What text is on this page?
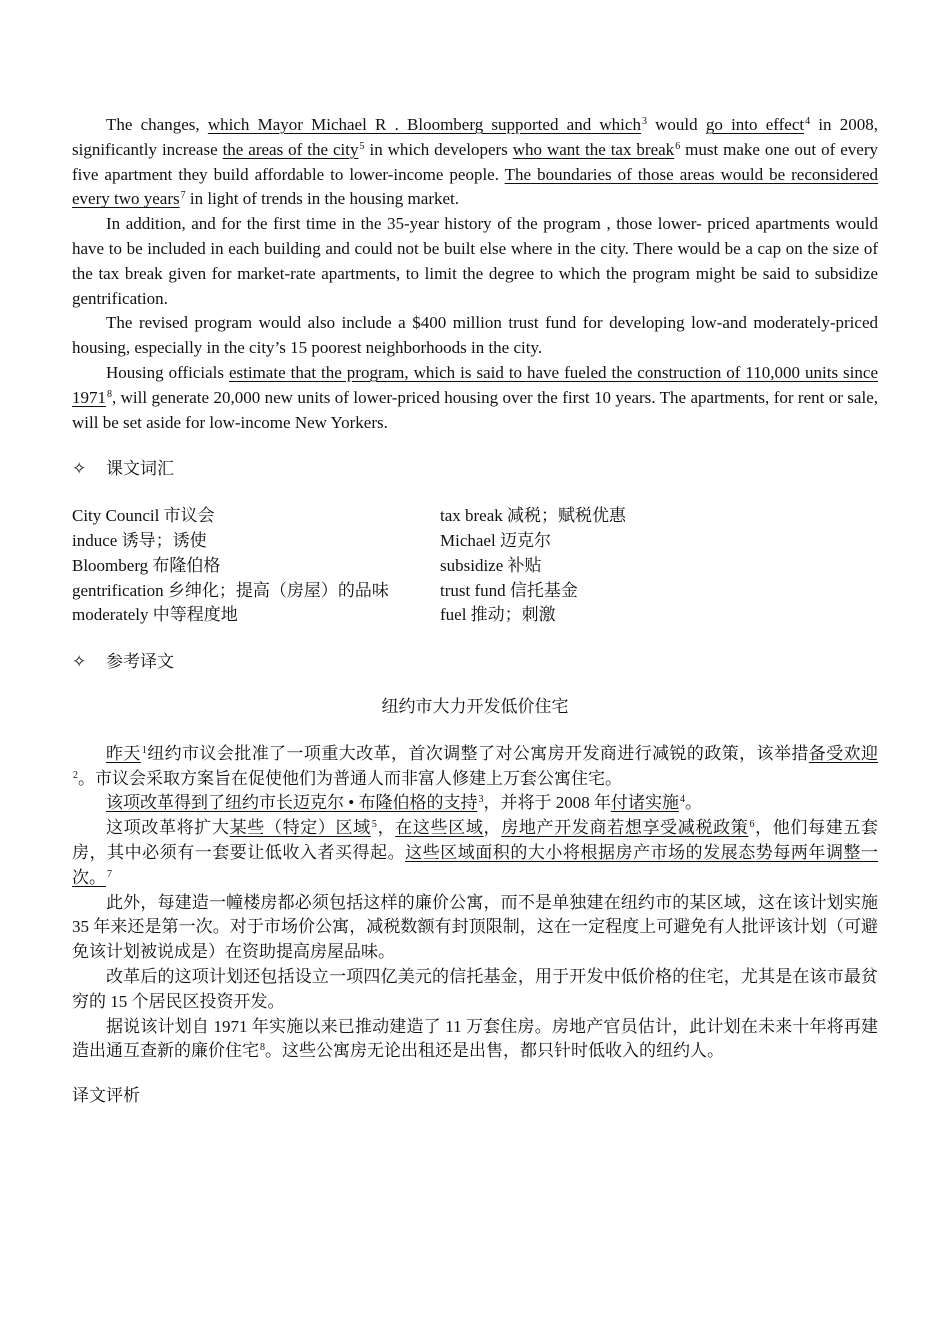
The changes, which Mayor Michael R . Bloomberg supported and which$^3$ would go into effect$^4$ in 2008, significantly increase the areas of the city$^5$ in which developers who want the tax break$^6$ must make one out of every five apartment they build affordable to lower-income people. The boundaries of those areas would be reconsidered every two years$^7$ in light of trends in the housing market.

In addition, and for the first time in the 35-year history of the program , those lower- priced apartments would have to be included in each building and could not be built else where in the city. There would be a cap on the size of the tax break given for market-rate apartments, to limit the degree to which the program might be said to subsidize gentrification.

The revised program would also include a $400 million trust fund for developing low-and moderately-priced housing, especially in the city’s 15 poorest neighborhoods in the city.

Housing officials estimate that the program, which is said to have fueled the construction of 110,000 units since 1971$^8$, will generate 20,000 new units of lower-priced housing over the first 10 years. The apartments, for rent or sale, will be set aside for low-income New Yorkers.

✧ 课文词汇
City Council 市议会	tax break 减税；赋税优惠
induce 诱导；诱使	Michael 迈克尔
Bloomberg 布隆伯格	subsidize 补贴
gentrification 乡绅化；提高（房屋）的品味	trust fund 信托基金
moderately 中等程度地	fuel 推动；刺激
✧ 参考译文
纽约市大力开发低价住宅

昨天$^1$纽约市议会批准了一项重大改革，首次调整了对公寓房开发商进行减锐的政策，该举措备受欢迎$^2$。市议会采取方案旨在促使他们为普通人而非富人修建上万套公寓住宅。

该项改革得到了纽约市长迈克尔 • 布隆伯格的支持$^3$，并将于 2008 年付诸实施$^4$。

这项改革将扩大某些（特定）区域$^5$，在这些区域，房地产开发商若想享受减税政策$^6$，他们每建五套房，其中必须有一套要让低收入者买得起。这些区域面积的大小将根据房产市场的发展态势每两年调整一次。$^7$

此外，每建造一幢楼房都必须包括这样的廉价公寓，而不是单独建在纽约市的某区域，这在该计划实施 35 年来还是第一次。对于市场价公寓，减税数额有封顶限制，这在一定程度上可避免有人批评该计划（可避免该计划被说成是）在资助提高房屋品味。

改革后的这项计划还包括设立一项四亿美元的信托基金，用于开发中低价格的住宅，尤其是在该市最贫穷的 15 个居民区投资开发。

据说该计划自 1971 年实施以来已推动建造了 11 万套住房。房地产官员估计，此计划在未来十年将再建造出通互查新的廉价住宅$^8$。这些公寓房无论出租还是出售，都只针时低收入的纽约人。

译文评析
